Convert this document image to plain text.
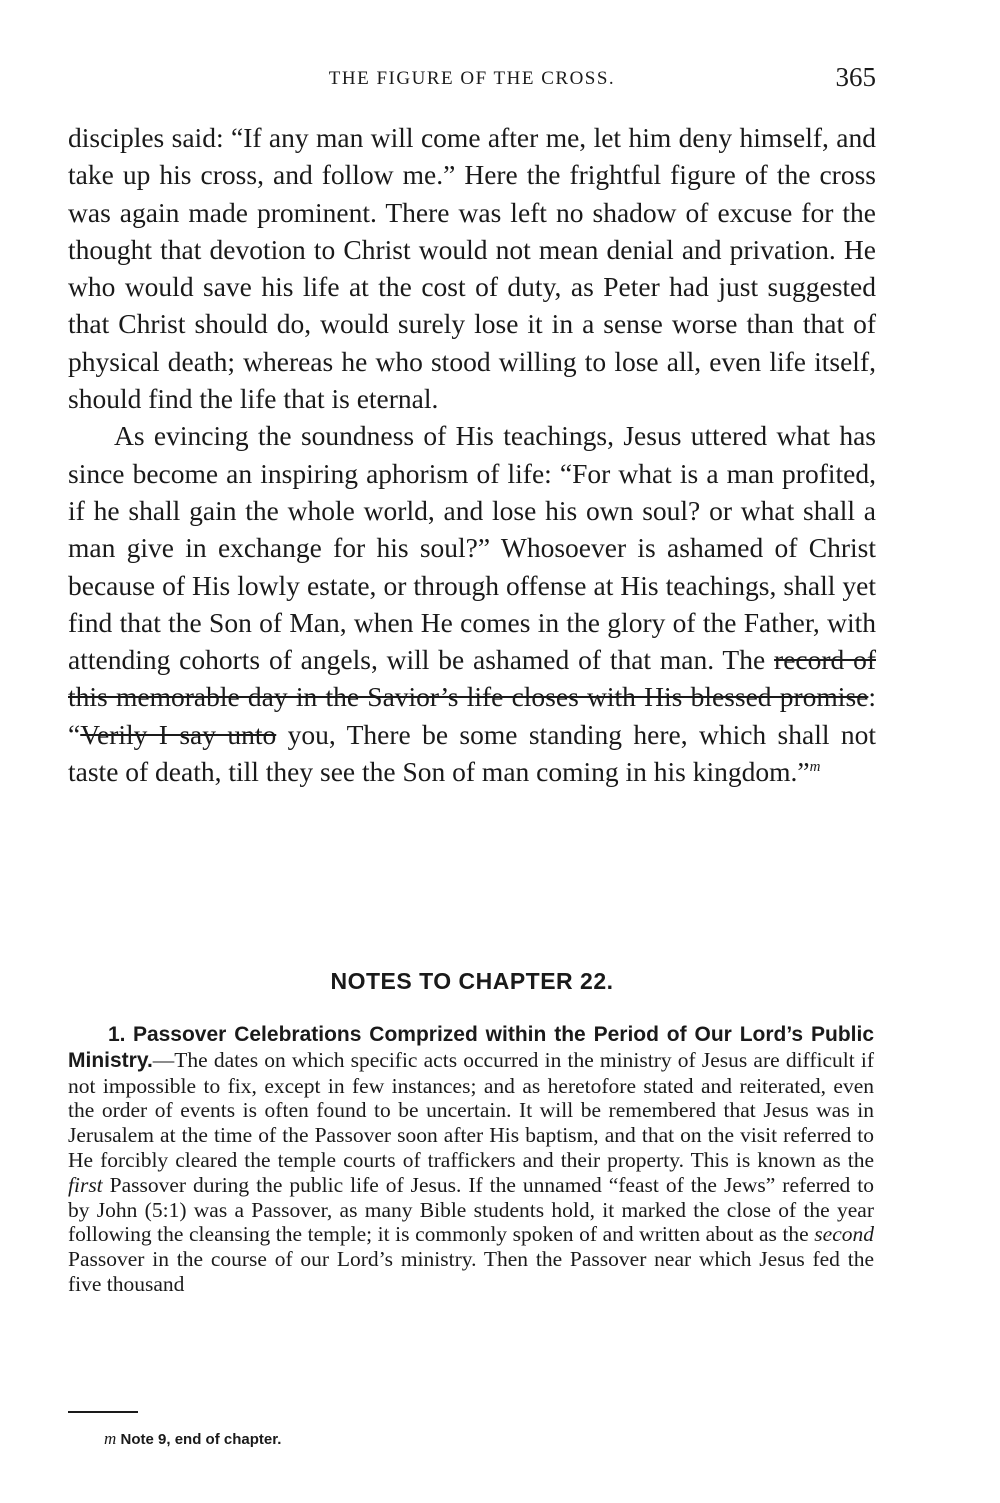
THE FIGURE OF THE CROSS.	365

disciples said: “If any man will come after me, let him deny himself, and take up his cross, and follow me.” Here the frightful figure of the cross was again made prominent. There was left no shadow of excuse for the thought that devotion to Christ would not mean denial and privation. He who would save his life at the cost of duty, as Peter had just suggested that Christ should do, would surely lose it in a sense worse than that of physical death; whereas he who stood willing to lose all, even life itself, should find the life that is eternal.

As evincing the soundness of His teachings, Jesus uttered what has since become an inspiring aphorism of life: “For what is a man profited, if he shall gain the whole world, and lose his own soul? or what shall a man give in exchange for his soul?” Whosoever is ashamed of Christ because of His lowly estate, or through offense at His teachings, shall yet find that the Son of Man, when He comes in the glory of the Father, with attending cohorts of angels, will be ashamed of that man. The record of this memorable day in the Savior’s life closes with His blessed promise: “Verily I say unto you, There be some standing here, which shall not taste of death, till they see the Son of man coming in his kingdom.”$^m$

NOTES TO CHAPTER 22.
1. Passover Celebrations Comprized within the Period of Our Lord’s Public Ministry.—The dates on which specific acts occurred in the ministry of Jesus are difficult if not impossible to fix, except in few instances; and as heretofore stated and reiterated, even the order of events is often found to be uncertain. It will be remembered that Jesus was in Jerusalem at the time of the Passover soon after His baptism, and that on the visit referred to He forcibly cleared the temple courts of traffickers and their property. This is known as the first Passover during the public life of Jesus. If the unnamed “feast of the Jews” referred to by John (5:1) was a Passover, as many Bible students hold, it marked the close of the year following the cleansing the temple; it is commonly spoken of and written about as the second Passover in the course of our Lord’s ministry. Then the Passover near which Jesus fed the five thousand
m Note 9, end of chapter.
